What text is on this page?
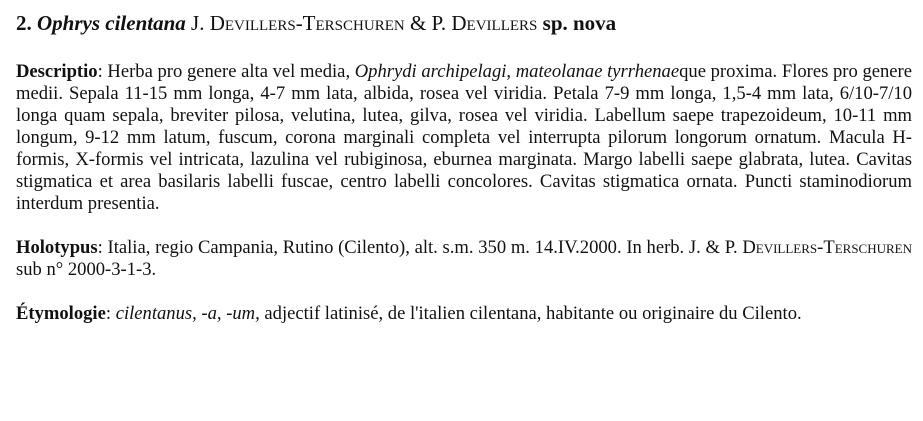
2. Ophrys cilentana J. Devillers-Terschuren & P. Devillers sp. nova

Descriptio: Herba pro genere alta vel media, Ophrydi archipelagi, mateolanae tyrrhenaeque proxima. Flores pro genere medii. Sepala 11-15 mm longa, 4-7 mm lata, albida, rosea vel viridia. Petala 7-9 mm longa, 1,5-4 mm lata, 6/10-7/10 longa quam sepala, breviter pilosa, velutina, lutea, gilva, rosea vel viridia. Labellum saepe trapezoideum, 10-11 mm longum, 9-12 mm latum, fuscum, corona marginali completa vel interrupta pilorum longorum ornatum. Macula H-formis, X-formis vel intricata, lazulina vel rubiginosa, eburnea marginata. Margo labelli saepe glabrata, lutea. Cavitas stigmatica et area basilaris labelli fuscae, centro labelli concolores. Cavitas stigmatica ornata. Puncti staminodiorum interdum presentia.

Holotypus: Italia, regio Campania, Rutino (Cilento), alt. s.m. 350 m. 14.IV.2000. In herb. J. & P. Devillers-Terschuren sub n° 2000-3-1-3.

Étymologie: cilentanus, -a, -um, adjectif latinisé, de l'italien cilentana, habitante ou originaire du Cilento.
